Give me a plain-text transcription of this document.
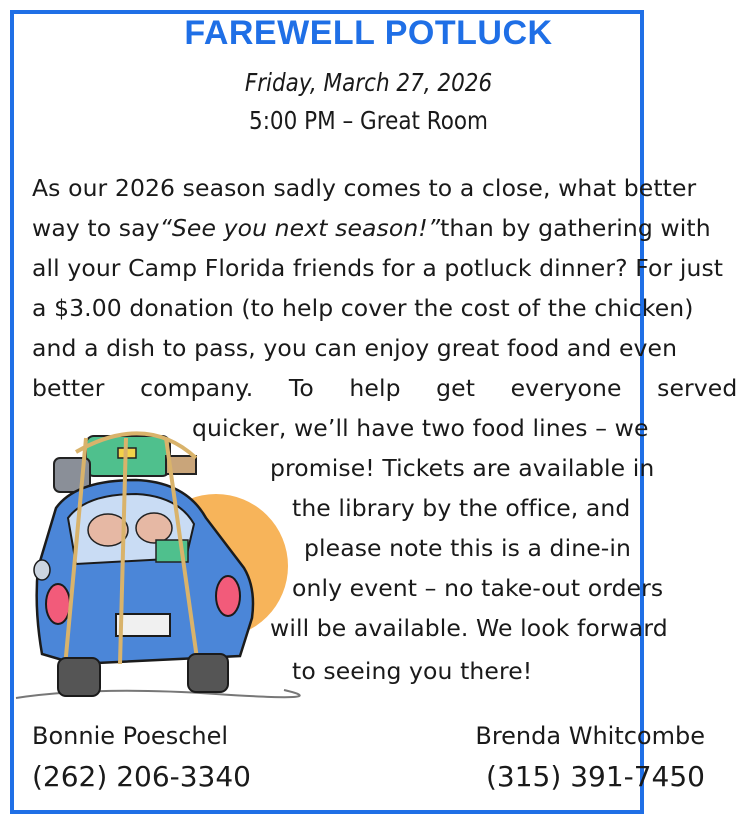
FAREWELL POTLUCK
Friday, March 27, 2026
5:00 PM – Great Room
As our 2026 season sadly comes to a close, what better
way to say “See you next season!” than by gathering with
all your Camp Florida friends for a potluck dinner? For just
a $3.00 donation (to help cover the cost of the chicken)
and a dish to pass, you can enjoy great food and even
better company. To help get everyone served
quicker, we’ll have two food lines – we
promise! Tickets are available in
the library by the office, and
please note this is a dine-in
only event – no take-out orders
will be available. We look forward
to seeing you there!
Bonnie Poeschel
(262) 206-3340
Brenda Whitcombe
(315) 391-7450
